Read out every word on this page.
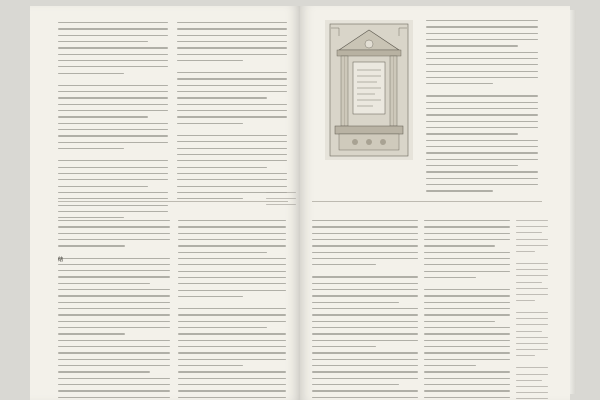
结
